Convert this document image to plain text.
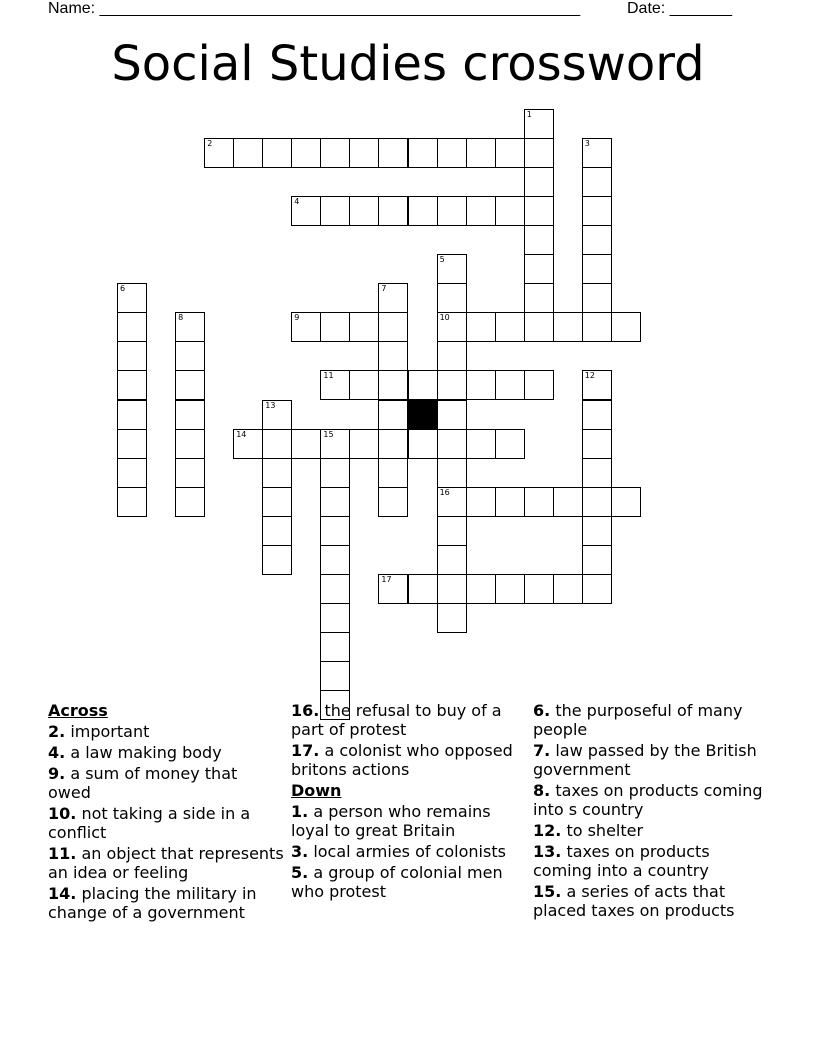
Name: ______________________________________________________	Date: _______
Social Studies crossword
1
2	3
4
5
10
16
6	7
8	9
11	12
13
14	15
17
Across
2. important
4. a law making body
9. a sum of money that owed
10. not taking a side in a conflict
11. an object that represents an idea or feeling
14. placing the military in change of a government
16. the refusal to buy of a part of protest
17. a colonist who opposed britons actions
Down
1. a person who remains loyal to great Britain
3. local armies of colonists
5. a group of colonial men who protest
6. the purposeful of many people
7. law passed by the British government
8. taxes on products coming into s country
12. to shelter
13. taxes on products coming into a country
15. a series of acts that placed taxes on products
